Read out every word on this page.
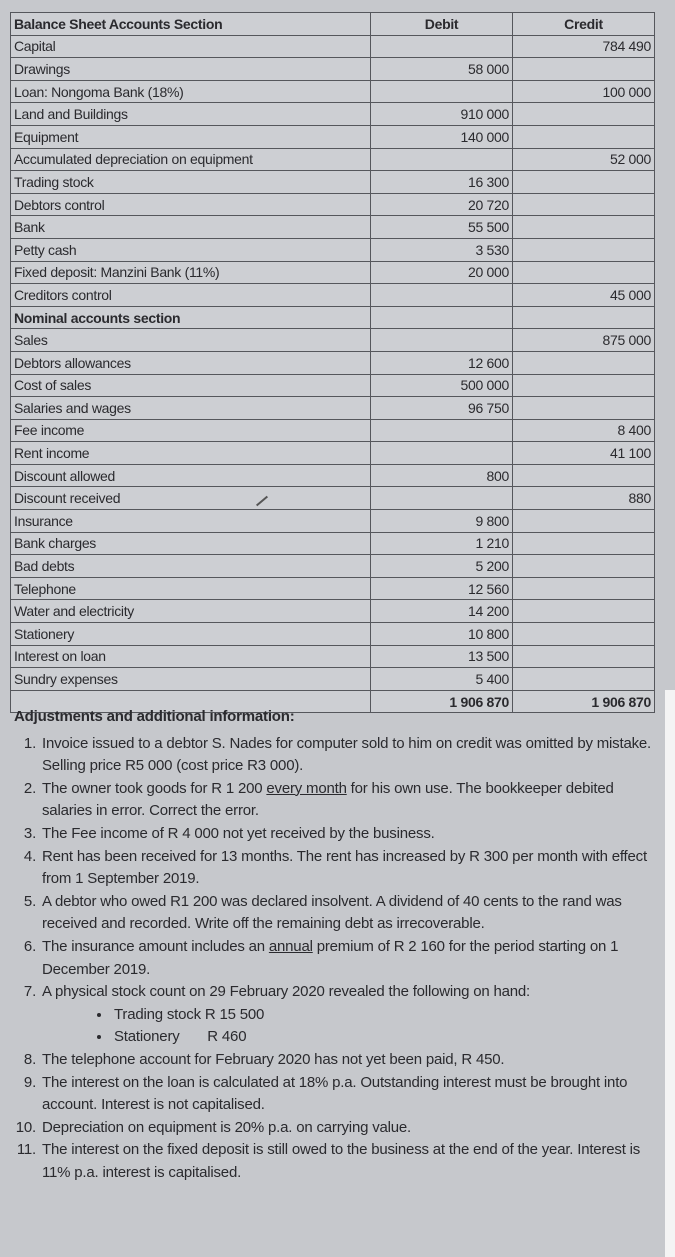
Balance Sheet Accounts Section	Debit	Credit
Capital		784 490
Drawings	58 000	
Loan: Nongoma Bank (18%)		100 000
Land and Buildings	910 000	
Equipment	140 000	
Accumulated depreciation on equipment		52 000
Trading stock	16 300	
Debtors control	20 720	
Bank	55 500	
Petty cash	3 530	
Fixed deposit: Manzini Bank (11%)	20 000	
Creditors control		45 000
Nominal accounts section		
Sales		875 000
Debtors allowances	12 600	
Cost of sales	500 000	
Salaries and wages	96 750	
Fee income		8 400
Rent income		41 100
Discount allowed	800	
Discount received		880
Insurance	9 800	
Bank charges	1 210	
Bad debts	5 200	
Telephone	12 560	
Water and electricity	14 200	
Stationery	10 800	
Interest on loan	13 500	
Sundry expenses	5 400	
	1 906 870	1 906 870
Adjustments and additional information:
1. Invoice issued to a debtor S. Nades for computer sold to him on credit was omitted by mistake. Selling price R5 000 (cost price R3 000).
2. The owner took goods for R 1 200 every month for his own use. The bookkeeper debited salaries in error. Correct the error.
3. The Fee income of R 4 000 not yet received by the business.
4. Rent has been received for 13 months. The rent has increased by R 300 per month with effect from 1 September 2019.
5. A debtor who owed R1 200 was declared insolvent. A dividend of 40 cents to the rand was received and recorded. Write off the remaining debt as irrecoverable.
6. The insurance amount includes an annual premium of R 2 160 for the period starting on 1 December 2019.
7. A physical stock count on 29 February 2020 revealed the following on hand:
• Trading stock R 15 500
• Stationery       R 460
8. The telephone account for February 2020 has not yet been paid, R 450.
9. The interest on the loan is calculated at 18% p.a. Outstanding interest must be brought into account. Interest is not capitalised.
10. Depreciation on equipment is 20% p.a. on carrying value.
11. The interest on the fixed deposit is still owed to the business at the end of the year. Interest is 11% p.a. interest is capitalised.
